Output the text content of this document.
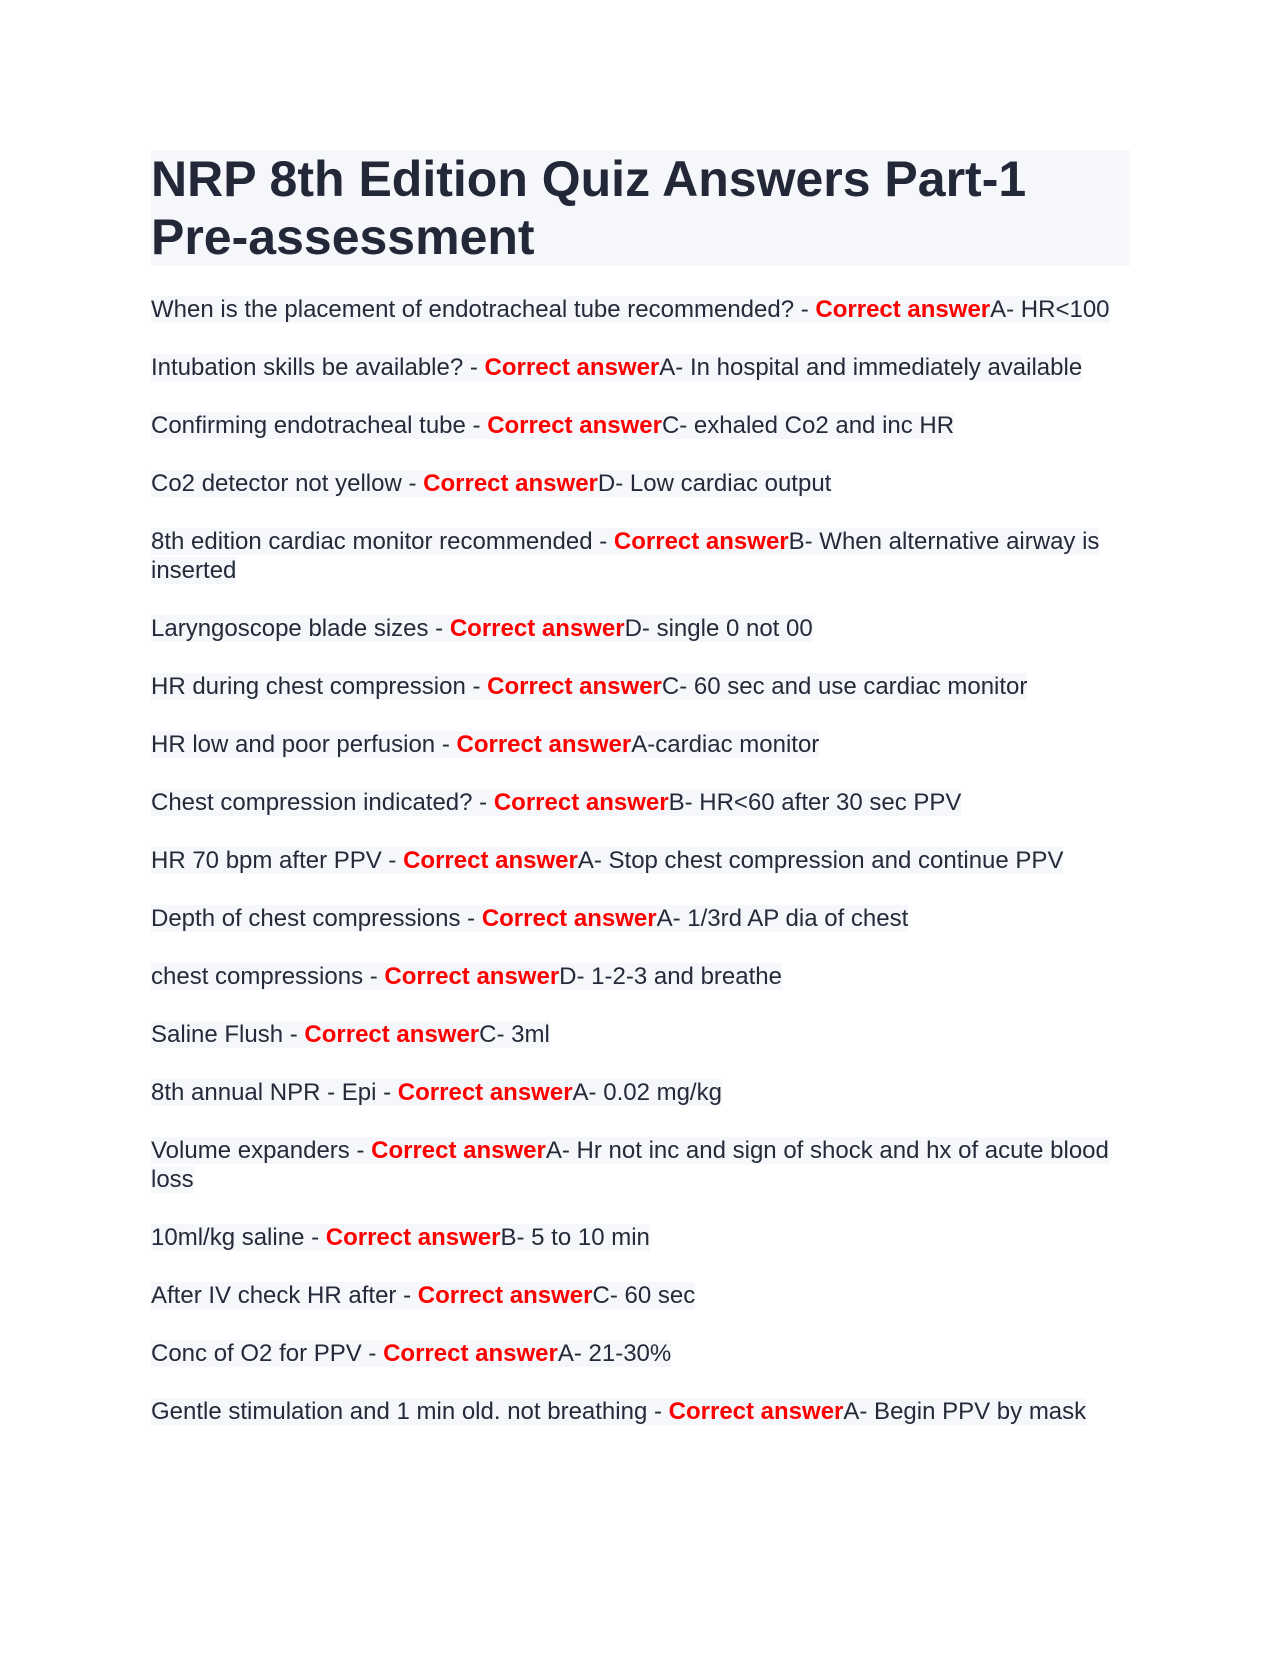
NRP 8th Edition Quiz Answers Part-1 Pre-assessment

When is the placement of endotracheal tube recommended? - Correct answerA- HR<100

Intubation skills be available? - Correct answerA- In hospital and immediately available

Confirming endotracheal tube - Correct answerC- exhaled Co2 and inc HR

Co2 detector not yellow - Correct answerD- Low cardiac output

8th edition cardiac monitor recommended - Correct answerB- When alternative airway is inserted

Laryngoscope blade sizes - Correct answerD- single 0 not 00

HR during chest compression - Correct answerC- 60 sec and use cardiac monitor

HR low and poor perfusion - Correct answerA-cardiac monitor

Chest compression indicated? - Correct answerB- HR<60 after 30 sec PPV

HR 70 bpm after PPV - Correct answerA- Stop chest compression and continue PPV

Depth of chest compressions - Correct answerA- 1/3rd AP dia of chest

chest compressions - Correct answerD- 1-2-3 and breathe

Saline Flush - Correct answerC- 3ml

8th annual NPR - Epi - Correct answerA- 0.02 mg/kg

Volume expanders - Correct answerA- Hr not inc and sign of shock and hx of acute blood loss

10ml/kg saline - Correct answerB- 5 to 10 min

After IV check HR after - Correct answerC- 60 sec

Conc of O2 for PPV - Correct answerA- 21-30%

Gentle stimulation and 1 min old. not breathing - Correct answerA- Begin PPV by mask
